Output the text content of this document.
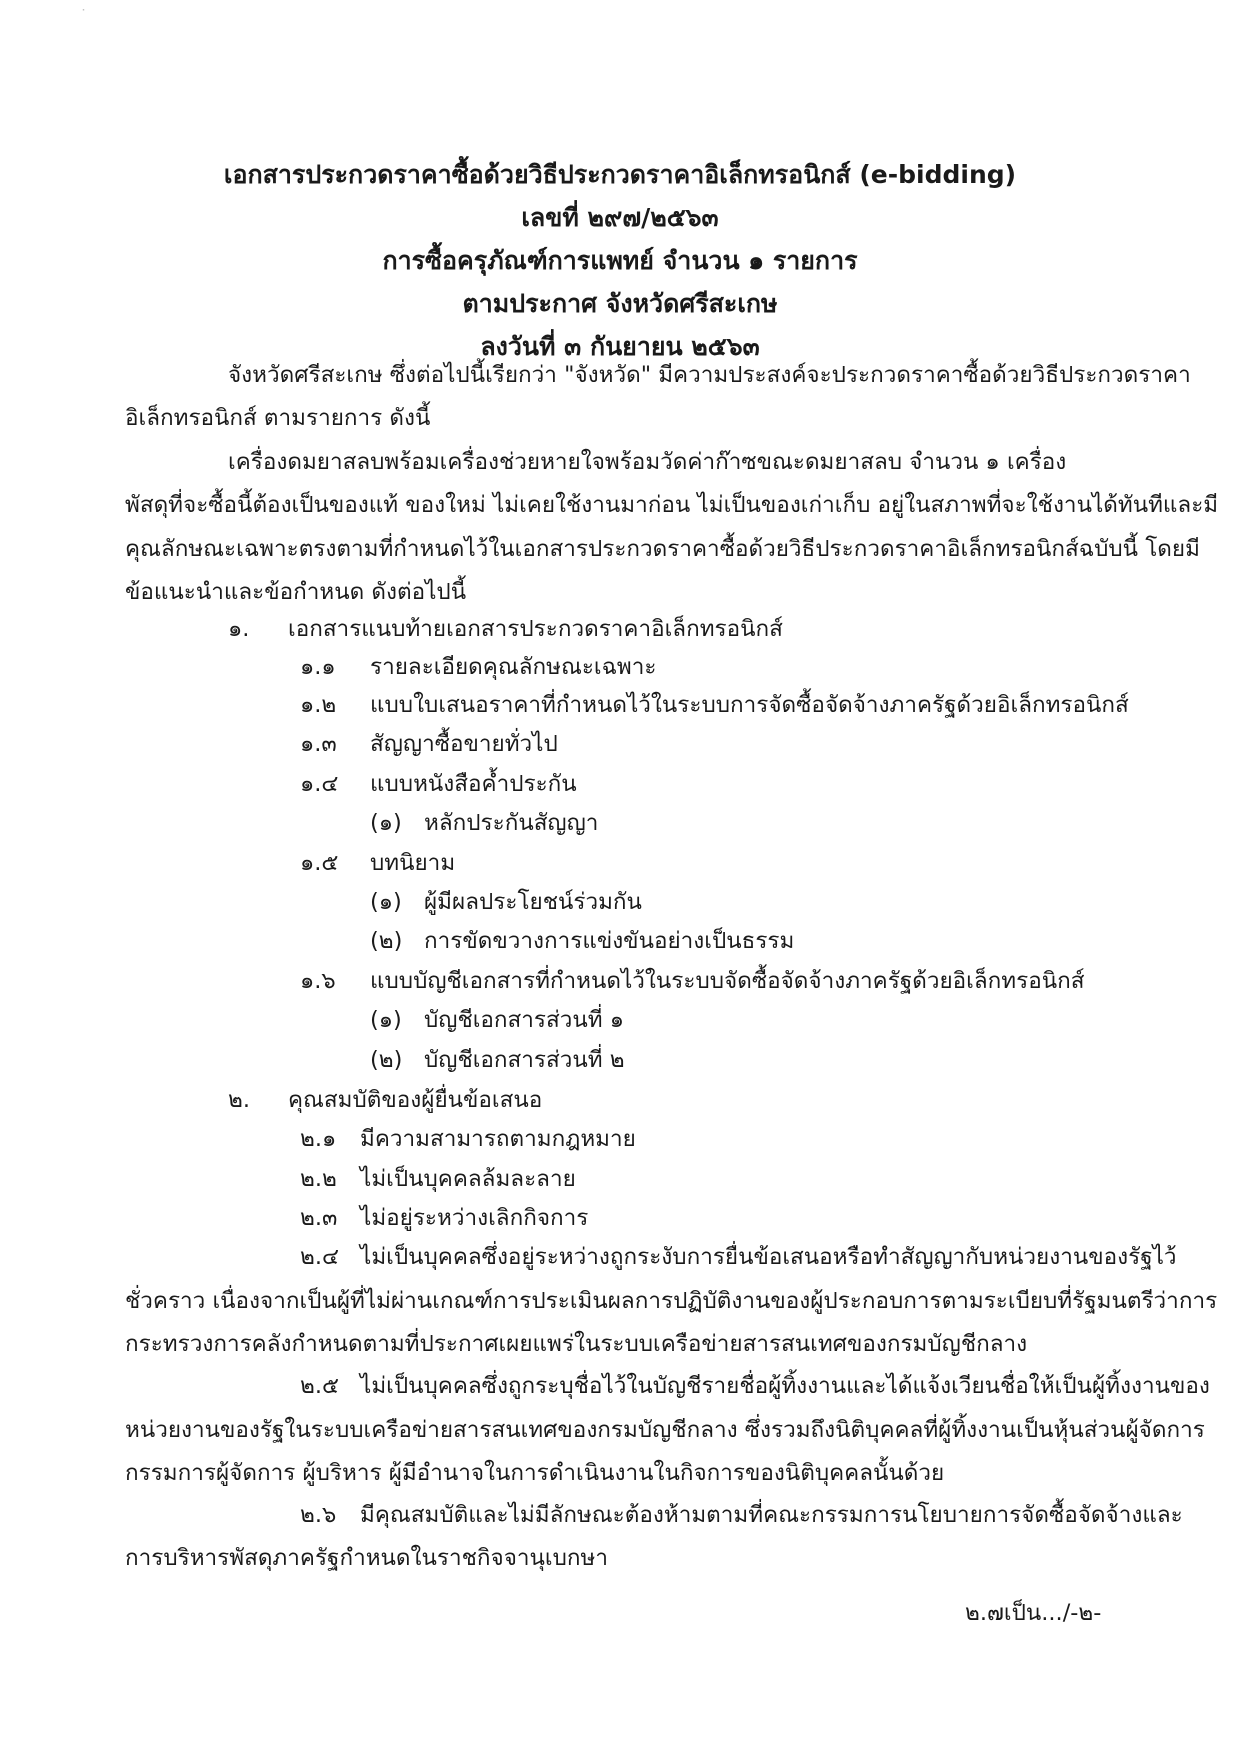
˙
เอกสารประกวดราคาซื้อด้วยวิธีประกวดราคาอิเล็กทรอนิกส์ (e-bidding)
เลขที่ ๒๙๗/๒๕๖๓
การซื้อครุภัณฑ์การแพทย์ จำนวน ๑ รายการ
ตามประกาศ จังหวัดศรีสะเกษ
ลงวันที่ ๓ กันยายน ๒๕๖๓
จังหวัดศรีสะเกษ ซึ่งต่อไปนี้เรียกว่า "จังหวัด" มีความประสงค์จะประกวดราคาซื้อด้วยวิธีประกวดราคา
อิเล็กทรอนิกส์ ตามรายการ ดังนี้
เครื่องดมยาสลบพร้อมเครื่องช่วยหายใจพร้อมวัดค่าก๊าซขณะดมยาสลบ จำนวน ๑ เครื่อง
พัสดุที่จะซื้อนี้ต้องเป็นของแท้ ของใหม่ ไม่เคยใช้งานมาก่อน ไม่เป็นของเก่าเก็บ อยู่ในสภาพที่จะใช้งานได้ทันทีและมี
คุณลักษณะเฉพาะตรงตามที่กำหนดไว้ในเอกสารประกวดราคาซื้อด้วยวิธีประกวดราคาอิเล็กทรอนิกส์ฉบับนี้ โดยมี
ข้อแนะนำและข้อกำหนด ดังต่อไปนี้
๑. เอกสารแนบท้ายเอกสารประกวดราคาอิเล็กทรอนิกส์
๑.๑ รายละเอียดคุณลักษณะเฉพาะ
๑.๒ แบบใบเสนอราคาที่กำหนดไว้ในระบบการจัดซื้อจัดจ้างภาครัฐด้วยอิเล็กทรอนิกส์
๑.๓ สัญญาซื้อขายทั่วไป
๑.๔ แบบหนังสือค้ำประกัน
(๑) หลักประกันสัญญา
๑.๕ บทนิยาม
(๑) ผู้มีผลประโยชน์ร่วมกัน
(๒) การขัดขวางการแข่งขันอย่างเป็นธรรม
๑.๖ แบบบัญชีเอกสารที่กำหนดไว้ในระบบจัดซื้อจัดจ้างภาครัฐด้วยอิเล็กทรอนิกส์
(๑) บัญชีเอกสารส่วนที่ ๑
(๒) บัญชีเอกสารส่วนที่ ๒
๒. คุณสมบัติของผู้ยื่นข้อเสนอ
๒.๑ มีความสามารถตามกฎหมาย
๒.๒ ไม่เป็นบุคคลล้มละลาย
๒.๓ ไม่อยู่ระหว่างเลิกกิจการ
๒.๔ ไม่เป็นบุคคลซึ่งอยู่ระหว่างถูกระงับการยื่นข้อเสนอหรือทำสัญญากับหน่วยงานของรัฐไว้
ชั่วคราว เนื่องจากเป็นผู้ที่ไม่ผ่านเกณฑ์การประเมินผลการปฏิบัติงานของผู้ประกอบการตามระเบียบที่รัฐมนตรีว่าการ
กระทรวงการคลังกำหนดตามที่ประกาศเผยแพร่ในระบบเครือข่ายสารสนเทศของกรมบัญชีกลาง
๒.๕ ไม่เป็นบุคคลซึ่งถูกระบุชื่อไว้ในบัญชีรายชื่อผู้ทิ้งงานและได้แจ้งเวียนชื่อให้เป็นผู้ทิ้งงานของ
หน่วยงานของรัฐในระบบเครือข่ายสารสนเทศของกรมบัญชีกลาง ซึ่งรวมถึงนิติบุคคลที่ผู้ทิ้งงานเป็นหุ้นส่วนผู้จัดการ
กรรมการผู้จัดการ ผู้บริหาร ผู้มีอำนาจในการดำเนินงานในกิจการของนิติบุคคลนั้นด้วย
๒.๖ มีคุณสมบัติและไม่มีลักษณะต้องห้ามตามที่คณะกรรมการนโยบายการจัดซื้อจัดจ้างและ
การบริหารพัสดุภาครัฐกำหนดในราชกิจจานุเบกษา
๒.๗เป็น.../-๒-
